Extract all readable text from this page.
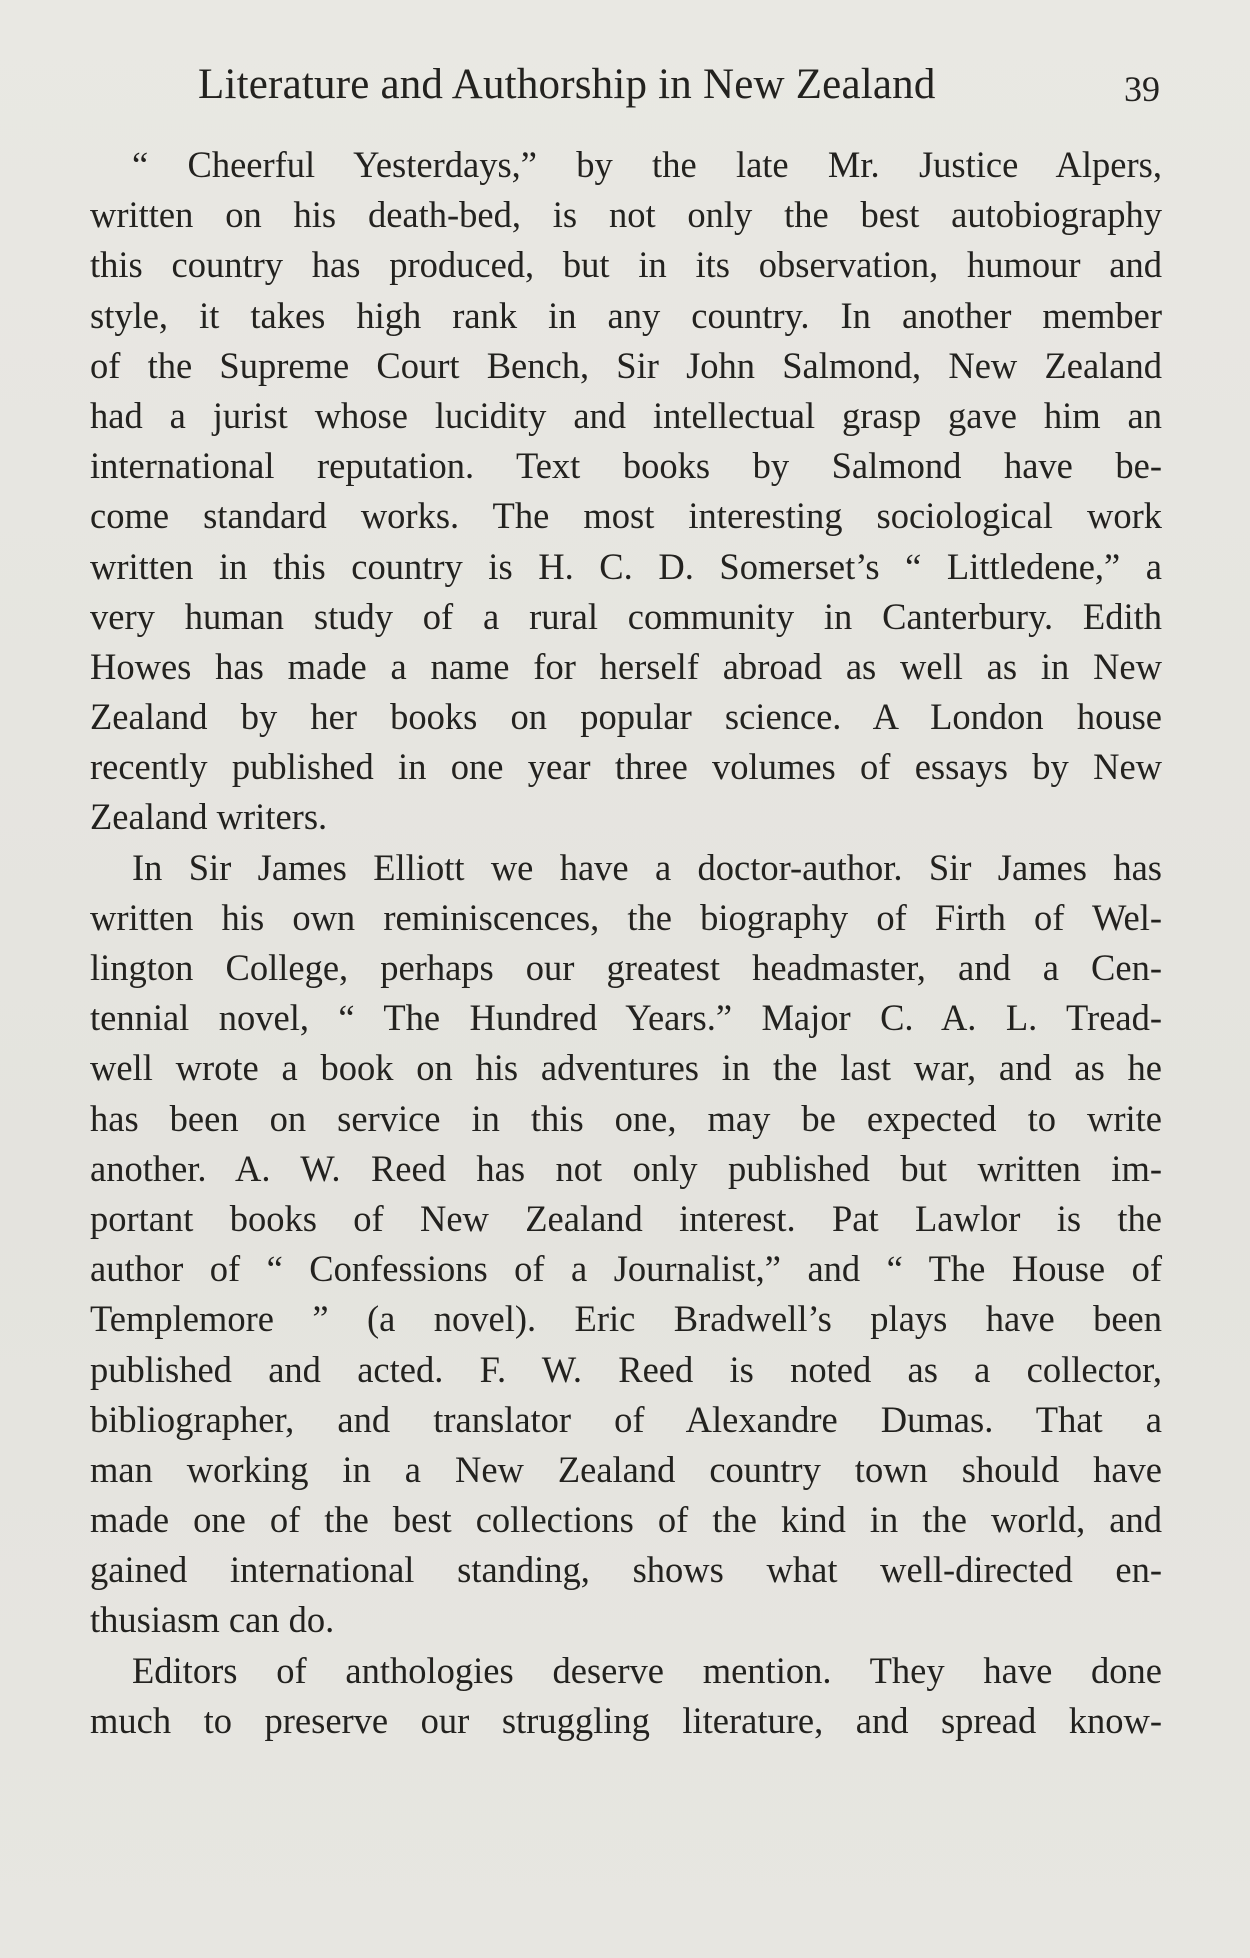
Literature and Authorship in New Zealand	39
“ Cheerful Yesterdays,” by the late Mr. Justice Alpers,
written on his death-bed, is not only the best autobiography
this country has produced, but in its observation, humour and
style, it takes high rank in any country. In another member
of the Supreme Court Bench, Sir John Salmond, New Zealand
had a jurist whose lucidity and intellectual grasp gave him an
international reputation. Text books by Salmond have be-
come standard works. The most interesting sociological work
written in this country is H. C. D. Somerset’s “ Littledene,” a
very human study of a rural community in Canterbury. Edith
Howes has made a name for herself abroad as well as in New
Zealand by her books on popular science. A London house
recently published in one year three volumes of essays by New
Zealand writers.
In Sir James Elliott we have a doctor-author. Sir James has
written his own reminiscences, the biography of Firth of Wel-
lington College, perhaps our greatest headmaster, and a Cen-
tennial novel, “ The Hundred Years.” Major C. A. L. Tread-
well wrote a book on his adventures in the last war, and as he
has been on service in this one, may be expected to write
another. A. W. Reed has not only published but written im-
portant books of New Zealand interest. Pat Lawlor is the
author of “ Confessions of a Journalist,” and “ The House of
Templemore ” (a novel). Eric Bradwell’s plays have been
published and acted. F. W. Reed is noted as a collector,
bibliographer, and translator of Alexandre Dumas. That a
man working in a New Zealand country town should have
made one of the best collections of the kind in the world, and
gained international standing, shows what well-directed en-
thusiasm can do.
Editors of anthologies deserve mention. They have done
much to preserve our struggling literature, and spread know-
